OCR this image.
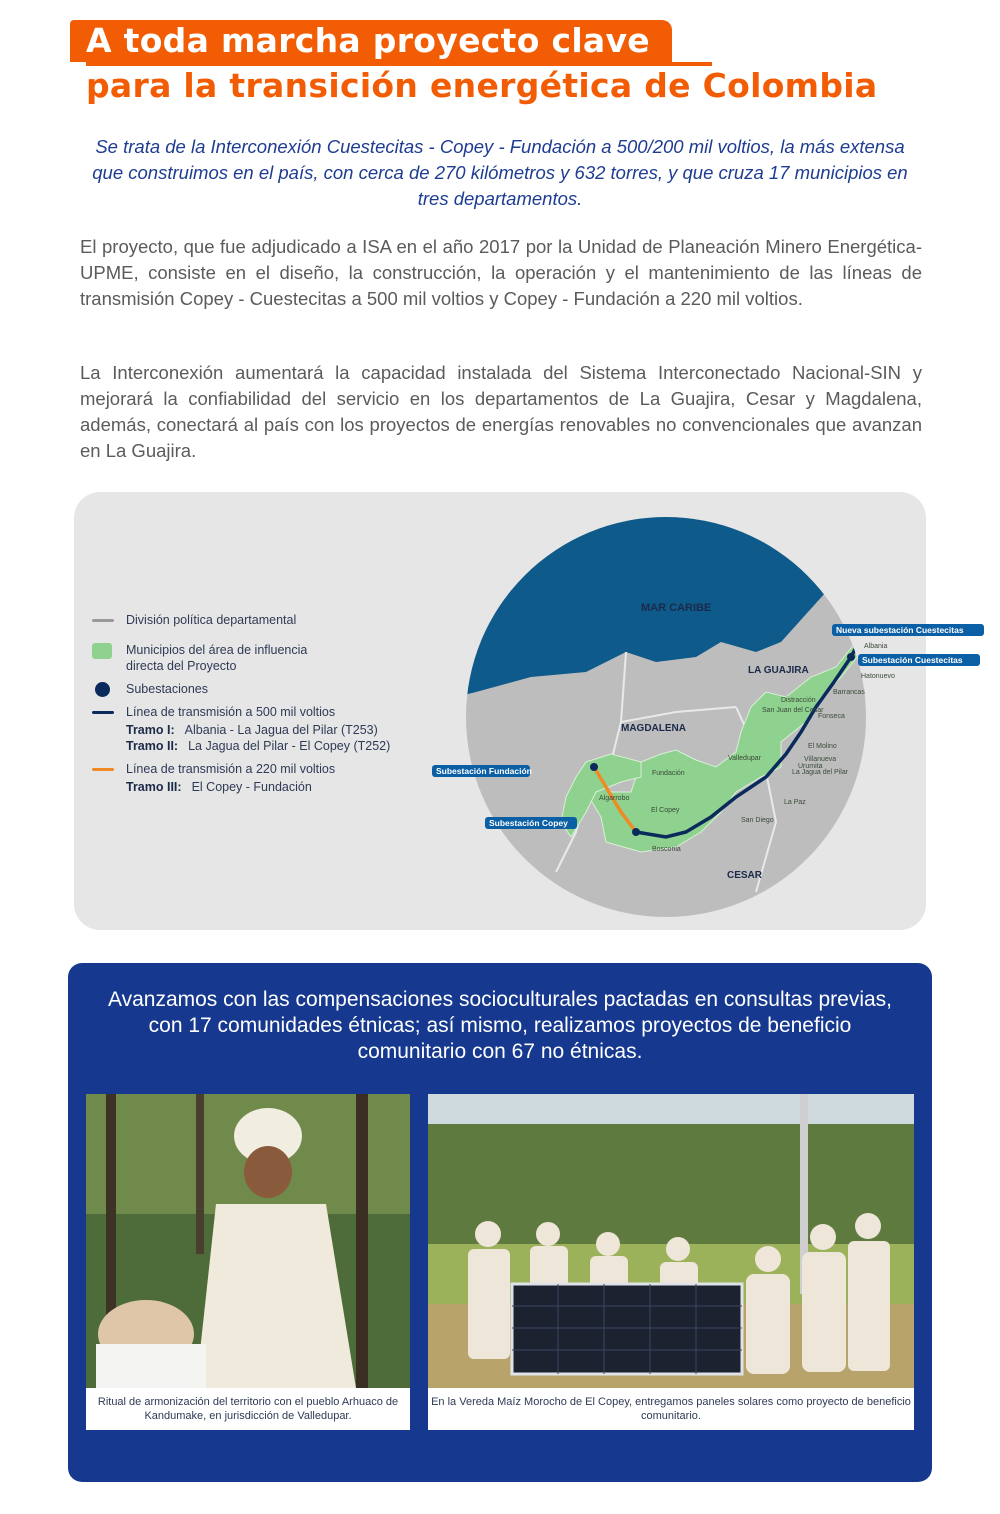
A toda marcha proyecto clave
para la transición energética de Colombia

Se trata de la Interconexión Cuestecitas - Copey - Fundación a 500/200 mil voltios, la más extensa que construimos en el país, con cerca de 270 kilómetros y 632 torres, y que cruza 17 municipios en tres departamentos.

El proyecto, que fue adjudicado a ISA en el año 2017 por la Unidad de Planeación Minero Energética- UPME, consiste en el diseño, la construcción, la operación y el mantenimiento de las líneas de transmisión Copey - Cuestecitas a 500 mil voltios y Copey - Fundación a 220 mil voltios.

La Interconexión aumentará la capacidad instalada del Sistema Interconectado Nacional-SIN y mejorará la confiabilidad del servicio en los departamentos de La Guajira, Cesar y Magdalena, además, conectará al país con los proyectos de energías renovables no convencionales que avanzan en La Guajira.

División política departamental
Municipios del área de influencia directa del Proyecto
Subestaciones
Línea de transmisión a 500 mil voltios
Tramo I: Albania - La Jagua del Pilar (T253)
Tramo II: La Jagua del Pilar - El Copey (T252)
Línea de transmisión a 220 mil voltios
Tramo III: El Copey - Fundación
MAR CARIBE
LA GUAJIRA
MAGDALENA
CESAR
Nueva subestación Cuestecitas
Subestación Cuestecitas
Subestación Fundación
Subestación Copey
Albania
Hatonuevo
Barrancas
Distracción
San Juan del Cesar
Fonseca
El Molino
Villanueva
Urumita
La Jagua del Pilar
Valledupar
Fundación
Algarrobo
El Copey
La Paz
San Diego
Bosconia

Avanzamos con las compensaciones socioculturales pactadas en consultas previas, con 17 comunidades étnicas; así mismo, realizamos proyectos de beneficio comunitario con 67 no étnicas.

Ritual de armonización del territorio con el pueblo Arhuaco de Kandumake, en jurisdicción de Valledupar.
En la Vereda Maíz Morocho de El Copey, entregamos paneles solares como proyecto de beneficio comunitario.
